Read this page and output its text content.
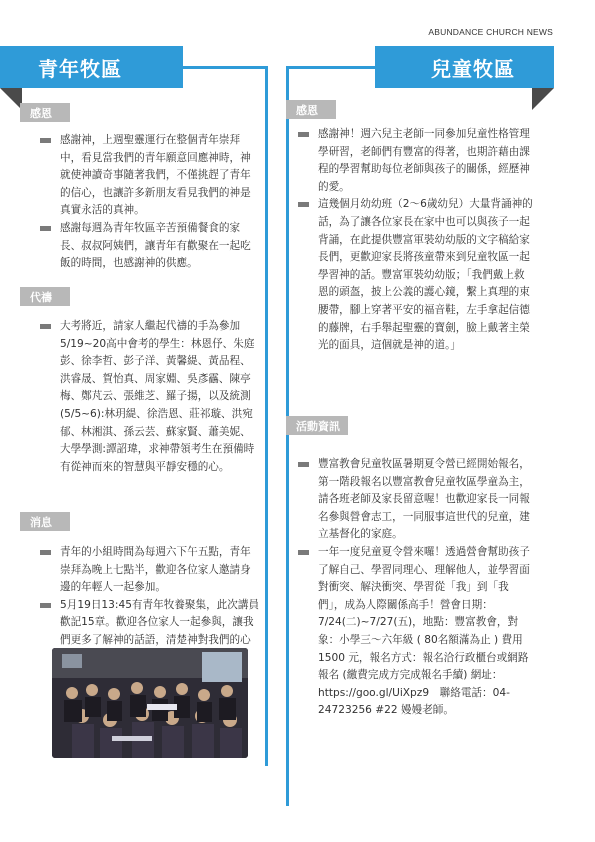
ABUNDANCE CHURCH NEWS
青年牧區
感恩
感謝神，上週聖靈運行在整個青年崇拜中，看見當我們的青年願意回應神時，神就使神讀奇事隨著我們，不僅挑趕了青年的信心，也讓許多新朋友看見我們的神是真實永活的真神。
感謝每週為青年牧區辛苦預備餐食的家長、叔叔阿姨們，讓青年有歡聚在一起吃飯的時間，也感謝神的供應。
代禱
大考將近，請家人繼起代禱的手為參加5/19~20高中會考的學生：林恩伃、朱庭彭、徐李哲、彭子洋、黃馨緹、黃品程、洪睿晟、賀怡真、周家婣、吳彥靏、陳亭梅、鄭芃云、張維芝、羅子揚，以及統測(5/5~6):林玥緹、徐浩恩、莊祁璇、洪宛郁、林湘淇、孫云芸、蘇家賢、蕭美妮、大學學測:譚詔瑋，求神帶領考生在預備時有從神而來的智慧與平靜安穩的心。
消息
青年的小組時間為每週六下午五點，青年崇拜為晚上七點半，歡迎各位家人邀請身邊的年輕人一起參加。
5月19日13:45有青年牧養聚集，此次講員歡記15章。歡迎各位家人一起參與，讓我們更多了解神的話語，清楚神對我們的心
兒童牧區
感恩
感謝神！週六兒主老師一同參加兒童性格管理學研習，老師們有豐富的得著，也期許藉由課程的學習幫助每位老師與孩子的關係，經歷神的愛。
這幾個月幼幼班（2～6歲幼兒）大量背誦神的話，為了讓各位家長在家中也可以與孩子一起背誦，在此提供豐富軍裝幼幼版的文字稿給家長們，更歡迎家長將孩童帶來到兒童牧區一起學習神的話。豐富軍裝幼幼版；「我們戴上救恩的頭盔，披上公義的護心鏡，繫上真理的束腰帶，腳上穿著平安的福音鞋，左手拿起信德的藤牌，右手舉起聖靈的寶劍，臉上戴著主榮光的面具，這個就是神的道。」
活動資訊
豐富教會兒童牧區暑期夏令營已經開始報名，第一階段報名以豐富教會兒童牧區學童為主，請各班老師及家長留意喔！也歡迎家長一同報名參與營會志工，一同服事這世代的兒童，建立基督化的家庭。
一年一度兒童夏令營來囉！透過營會幫助孩子了解自己、學習同理心、理解他人，並學習面對衝突、解決衝突、學習從「我」到「我們」，成為人際關係高手！營會日期：7/24(二)~7/27(五)，地點：豐富教會，對象：小學三～六年級 ( 80名額滿為止 ) 費用 1500 元，報名方式：報名洽行政櫃台或網路報名 (繳費完成方完成報名手續) 網址：https://goo.gl/UiXpz9　聯絡電話：04-24723256 #22 嫚嫚老師。
